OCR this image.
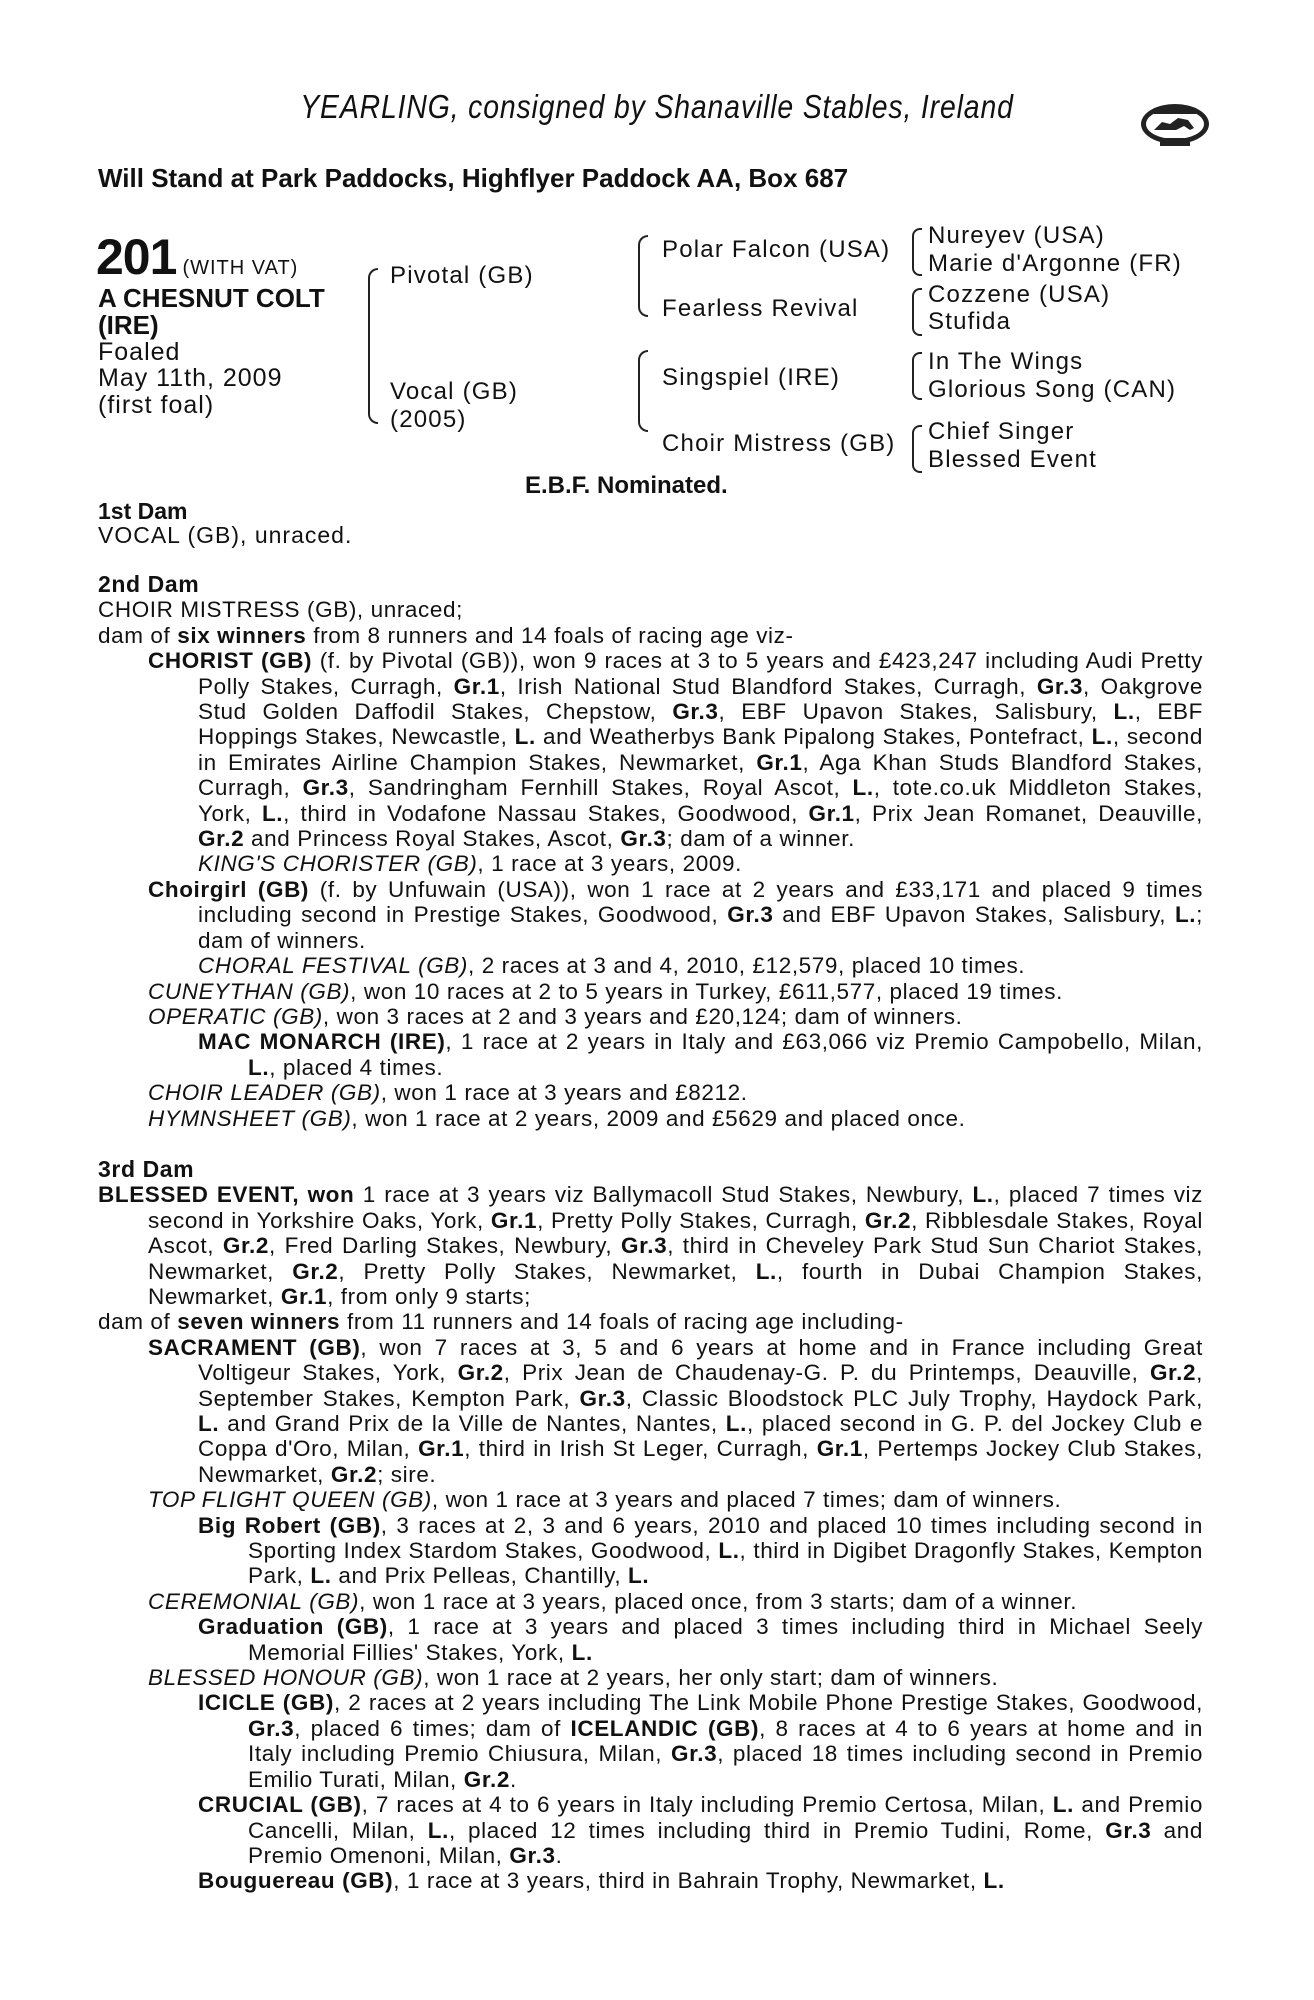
YEARLING, consigned by Shanaville Stables, Ireland
Will Stand at Park Paddocks, Highflyer Paddock AA, Box 687
201 (WITH VAT)
A CHESNUT COLT
(IRE)
Foaled
May 11th, 2009
(first foal)
Pivotal (GB)
Vocal (GB)
(2005)
Polar Falcon (USA)
Fearless Revival
Singspiel (IRE)
Choir Mistress (GB)
Nureyev (USA)
Marie d'Argonne (FR)
Cozzene (USA)
Stufida
In The Wings
Glorious Song (CAN)
Chief Singer
Blessed Event
E.B.F. Nominated.
1st Dam
VOCAL (GB), unraced.
2nd Dam
CHOIR MISTRESS (GB), unraced;
dam of six winners from 8 runners and 14 foals of racing age viz-
CHORIST (GB) (f. by Pivotal (GB)), won 9 races at 3 to 5 years and £423,247 including Audi Pretty Polly Stakes, Curragh, Gr.1, Irish National Stud Blandford Stakes, Curragh, Gr.3, Oakgrove Stud Golden Daffodil Stakes, Chepstow, Gr.3, EBF Upavon Stakes, Salisbury, L., EBF Hoppings Stakes, Newcastle, L. and Weatherbys Bank Pipalong Stakes, Pontefract, L., second in Emirates Airline Champion Stakes, Newmarket, Gr.1, Aga Khan Studs Blandford Stakes, Curragh, Gr.3, Sandringham Fernhill Stakes, Royal Ascot, L., tote.co.uk Middleton Stakes, York, L., third in Vodafone Nassau Stakes, Goodwood, Gr.1, Prix Jean Romanet, Deauville, Gr.2 and Princess Royal Stakes, Ascot, Gr.3; dam of a winner.
KING'S CHORISTER (GB), 1 race at 3 years, 2009.
Choirgirl (GB) (f. by Unfuwain (USA)), won 1 race at 2 years and £33,171 and placed 9 times including second in Prestige Stakes, Goodwood, Gr.3 and EBF Upavon Stakes, Salisbury, L.; dam of winners.
CHORAL FESTIVAL (GB), 2 races at 3 and 4, 2010, £12,579, placed 10 times.
CUNEYTHAN (GB), won 10 races at 2 to 5 years in Turkey, £611,577, placed 19 times.
OPERATIC (GB), won 3 races at 2 and 3 years and £20,124; dam of winners.
MAC MONARCH (IRE), 1 race at 2 years in Italy and £63,066 viz Premio Campobello, Milan, L., placed 4 times.
CHOIR LEADER (GB), won 1 race at 3 years and £8212.
HYMNSHEET (GB), won 1 race at 2 years, 2009 and £5629 and placed once.
3rd Dam
BLESSED EVENT, won 1 race at 3 years viz Ballymacoll Stud Stakes, Newbury, L., placed 7 times viz second in Yorkshire Oaks, York, Gr.1, Pretty Polly Stakes, Curragh, Gr.2, Ribblesdale Stakes, Royal Ascot, Gr.2, Fred Darling Stakes, Newbury, Gr.3, third in Cheveley Park Stud Sun Chariot Stakes, Newmarket, Gr.2, Pretty Polly Stakes, Newmarket, L., fourth in Dubai Champion Stakes, Newmarket, Gr.1, from only 9 starts;
dam of seven winners from 11 runners and 14 foals of racing age including-
SACRAMENT (GB), won 7 races at 3, 5 and 6 years at home and in France including Great Voltigeur Stakes, York, Gr.2, Prix Jean de Chaudenay-G. P. du Printemps, Deauville, Gr.2, September Stakes, Kempton Park, Gr.3, Classic Bloodstock PLC July Trophy, Haydock Park, L. and Grand Prix de la Ville de Nantes, Nantes, L., placed second in G. P. del Jockey Club e Coppa d'Oro, Milan, Gr.1, third in Irish St Leger, Curragh, Gr.1, Pertemps Jockey Club Stakes, Newmarket, Gr.2; sire.
TOP FLIGHT QUEEN (GB), won 1 race at 3 years and placed 7 times; dam of winners.
Big Robert (GB), 3 races at 2, 3 and 6 years, 2010 and placed 10 times including second in Sporting Index Stardom Stakes, Goodwood, L., third in Digibet Dragonfly Stakes, Kempton Park, L. and Prix Pelleas, Chantilly, L.
CEREMONIAL (GB), won 1 race at 3 years, placed once, from 3 starts; dam of a winner.
Graduation (GB), 1 race at 3 years and placed 3 times including third in Michael Seely Memorial Fillies' Stakes, York, L.
BLESSED HONOUR (GB), won 1 race at 2 years, her only start; dam of winners.
ICICLE (GB), 2 races at 2 years including The Link Mobile Phone Prestige Stakes, Goodwood, Gr.3, placed 6 times; dam of ICELANDIC (GB), 8 races at 4 to 6 years at home and in Italy including Premio Chiusura, Milan, Gr.3, placed 18 times including second in Premio Emilio Turati, Milan, Gr.2.
CRUCIAL (GB), 7 races at 4 to 6 years in Italy including Premio Certosa, Milan, L. and Premio Cancelli, Milan, L., placed 12 times including third in Premio Tudini, Rome, Gr.3 and Premio Omenoni, Milan, Gr.3.
Bouguereau (GB), 1 race at 3 years, third in Bahrain Trophy, Newmarket, L.
